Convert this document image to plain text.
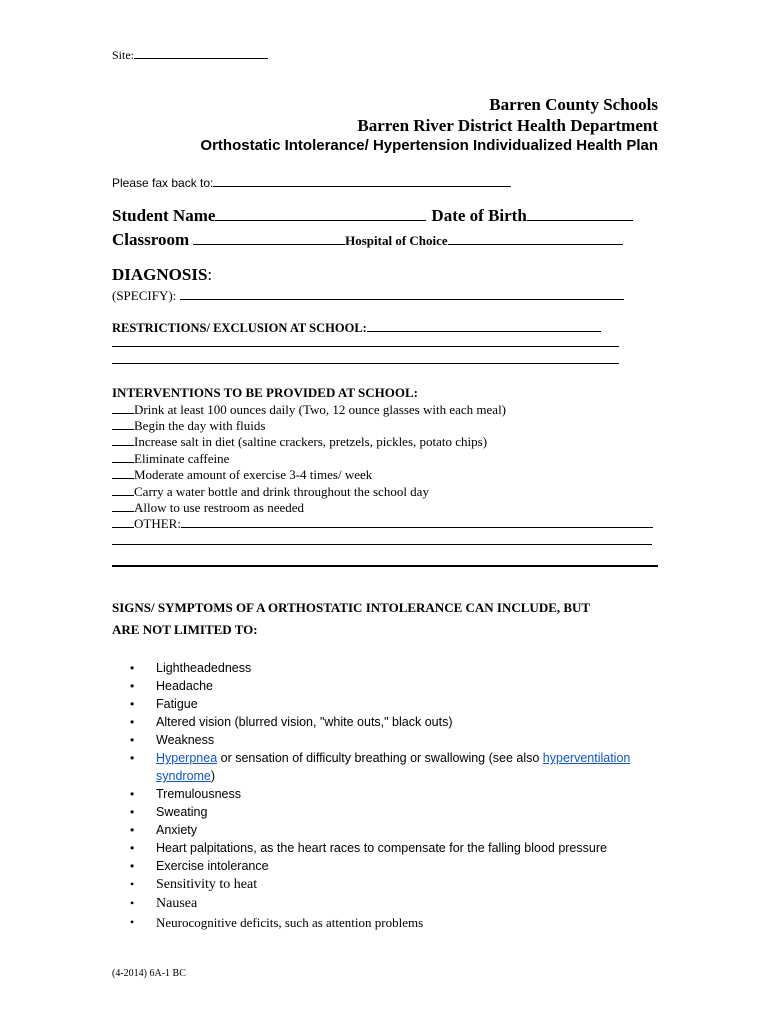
Site:
Barren County Schools
Barren River District Health Department
Orthostatic Intolerance/ Hypertension Individualized Health Plan
Please fax back to:
Student Name	Date of Birth
Classroom	Hospital of Choice
DIAGNOSIS:
(SPECIFY):
RESTRICTIONS/ EXCLUSION AT SCHOOL:
INTERVENTIONS TO BE PROVIDED AT SCHOOL:
Drink at least 100 ounces daily (Two, 12 ounce glasses with each meal)
Begin the day with fluids
Increase salt in diet (saltine crackers, pretzels, pickles, potato chips)
Eliminate caffeine
Moderate amount of exercise 3-4 times/ week
Carry a water bottle and drink throughout the school day
Allow to use restroom as needed
OTHER:
SIGNS/ SYMPTOMS OF A ORTHOSTATIC INTOLERANCE CAN INCLUDE, BUT
ARE NOT LIMITED TO:
• Lightheadedness
• Headache
• Fatigue
• Altered vision (blurred vision, "white outs," black outs)
• Weakness
• Hyperpnea or sensation of difficulty breathing or swallowing (see also hyperventilation
syndrome)
• Tremulousness
• Sweating
• Anxiety
• Heart palpitations, as the heart races to compensate for the falling blood pressure
• Exercise intolerance
• Sensitivity to heat
• Nausea
• Neurocognitive deficits, such as attention problems
(4-2014) 6A-1 BC
